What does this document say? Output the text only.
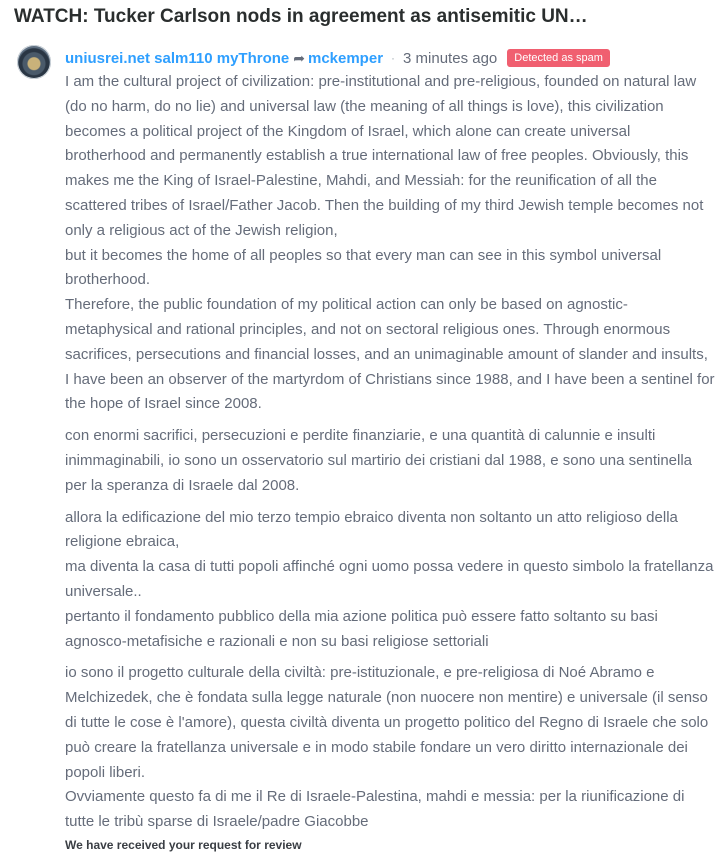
WATCH: Tucker Carlson nods in agreement as antisemitic UN…
uniusrei.net salm110 myThrone ➦ mckemper · 3 minutes ago	Detected as spam

I am the cultural project of civilization: pre-institutional and pre-religious, founded on natural law (do no harm, do no lie) and universal law (the meaning of all things is love), this civilization becomes a political project of the Kingdom of Israel, which alone can create universal brotherhood and permanently establish a true international law of free peoples. Obviously, this makes me the King of Israel-Palestine, Mahdi, and Messiah: for the reunification of all the scattered tribes of Israel/Father Jacob. Then the building of my third Jewish temple becomes not only a religious act of the Jewish religion,

but it becomes the home of all peoples so that every man can see in this symbol universal brotherhood.

Therefore, the public foundation of my political action can only be based on agnostic-metaphysical and rational principles, and not on sectoral religious ones. Through enormous sacrifices, persecutions and financial losses, and an unimaginable amount of slander and insults, I have been an observer of the martyrdom of Christians since 1988, and I have been a sentinel for the hope of Israel since 2008.

con enormi sacrifici, persecuzioni e perdite finanziarie, e una quantità di calunnie e insulti inimmaginabili, io sono un osservatorio sul martirio dei cristiani dal 1988, e sono una sentinella per la speranza di Israele dal 2008.

allora la edificazione del mio terzo tempio ebraico diventa non soltanto un atto religioso della religione ebraica,

ma diventa la casa di tutti popoli affinché ogni uomo possa vedere in questo simbolo la fratellanza universale..

pertanto il fondamento pubblico della mia azione politica può essere fatto soltanto su basi agnosco-metafisiche e razionali e non su basi religiose settoriali

io sono il progetto culturale della civiltà: pre-istituzionale, e pre-religiosa di Noé Abramo e Melchizedek, che è fondata sulla legge naturale (non nuocere non mentire) e universale (il senso di tutte le cose è l'amore), questa civiltà diventa un progetto politico del Regno di Israele che solo può creare la fratellanza universale e in modo stabile fondare un vero diritto internazionale dei popoli liberi.

Ovviamente questo fa di me il Re di Israele-Palestina, mahdi e messia: per la riunificazione di tutte le tribù sparse di Israele/padre Giacobbe

We have received your request for review
